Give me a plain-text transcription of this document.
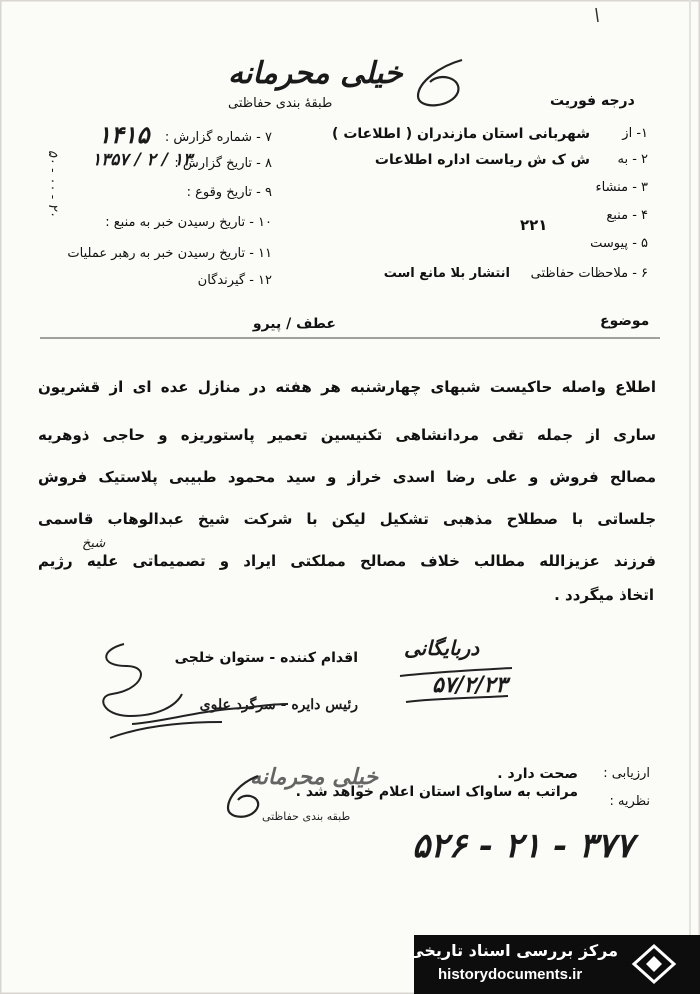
خیلی محرمانه
طبقهٔ بندی حفاظتی	درجه فوریت
۷ - شماره گزارش :
۱۴۱۵
۸ - تاریخ گزارش :
۱۳۵۷ / ۲ / ۱۳
۹ - تاریخ وقوع :
۱۰ - تاریخ رسیدن خبر به منبع :
۱۱ - تاریخ رسیدن خبر به رهبر عملیات
۱۲ - گیرندگان
۱- از
شهربانی استان مازندران ( اطلاعات )
۲ - به
ش ک ش ریاست اداره اطلاعات
۳ - منشاء
۴ - منبع
۲۲۱
۵ - پیوست
۶ - ملاحظات حفاظتی
انتشار بلا مانع است
۵۰ - ۰۰ - ۲۰
موضوع
عطف / پیرو
اطلاع واصله حاکیست شبهای چهارشنبه هر هفته در منازل عده ای از قشریون
ساری از جمله تقی مردانشاهی تکنیسین تعمیر پاستوریزه و حاجی ذوهریه
مصالح فروش و علی رضا اسدی خراز و سید محمود طبیبی پلاستیک فروش
جلساتی با صطلاح مذهبی تشکیل لیکن با شرکت شیخ عبدالوهاب قاسمی
فرزند عزیزالله مطالب خلاف مصالح مملکتی ایراد و تصمیماتی علیه رژیم
اتخاذ میگردد .
شیخ
اقدام کننده - ستوان خلجی
رئیس دایره - سرگرد علوی
دربایگانی
۵۷/۲/۲۳
ارزیابی :
صحت دارد .
نظریه :
مراتب به ساواک استان اعلام خواهد شد .
خیلی محرمانه
طبقه بندی حفاظتی
۵۲۶ - ۲۱ - ۳۷۷
مرکز بررسی اسناد تاریخی
historydocuments.ir
